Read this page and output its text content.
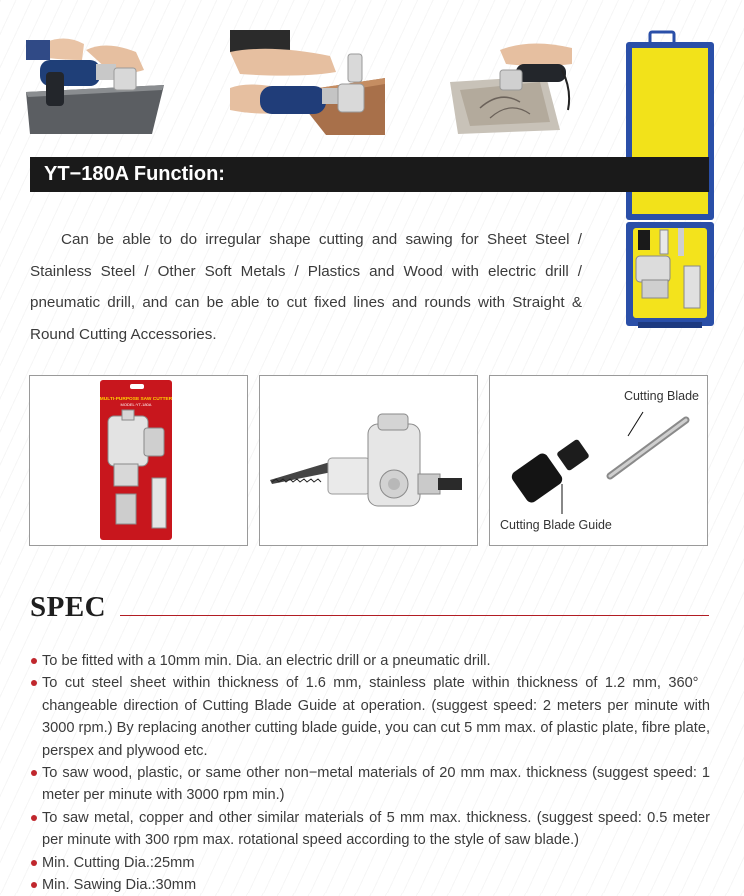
YT−180A Function:

Can be able to do irregular shape cutting and sawing for Sheet Steel / Stainless Steel / Other Soft Metals / Plastics and Wood with electric drill / pneumatic drill, and can be able to cut fixed lines and rounds with Straight & Round Cutting Accessories.

MULTI-PURPOSE SAW CUTTER
MODEL:YT-180A
Cutting Blade
Cutting Blade Guide
SPEC
To be fitted with a 10mm min. Dia. an electric drill or a pneumatic drill.
To cut steel sheet within thickness of 1.6 mm, stainless plate within thickness of 1.2 mm, 360°   changeable direction of Cutting Blade Guide at operation. (suggest speed: 2 meters per minute with 3000 rpm.) By replacing another cutting blade guide, you can cut 5 mm max. of plastic plate, fibre plate, perspex and plywood etc.
To saw wood, plastic, or same other non−metal materials of 20 mm max. thickness (suggest speed: 1 meter per minute with 3000 rpm min.)
To saw metal, copper and other similar materials of 5 mm max. thickness. (suggest speed: 0.5 meter per minute with 300 rpm max. rotational speed according to the style of saw blade.)
Min. Cutting Dia.:25mm
Min. Sawing Dia.:30mm
